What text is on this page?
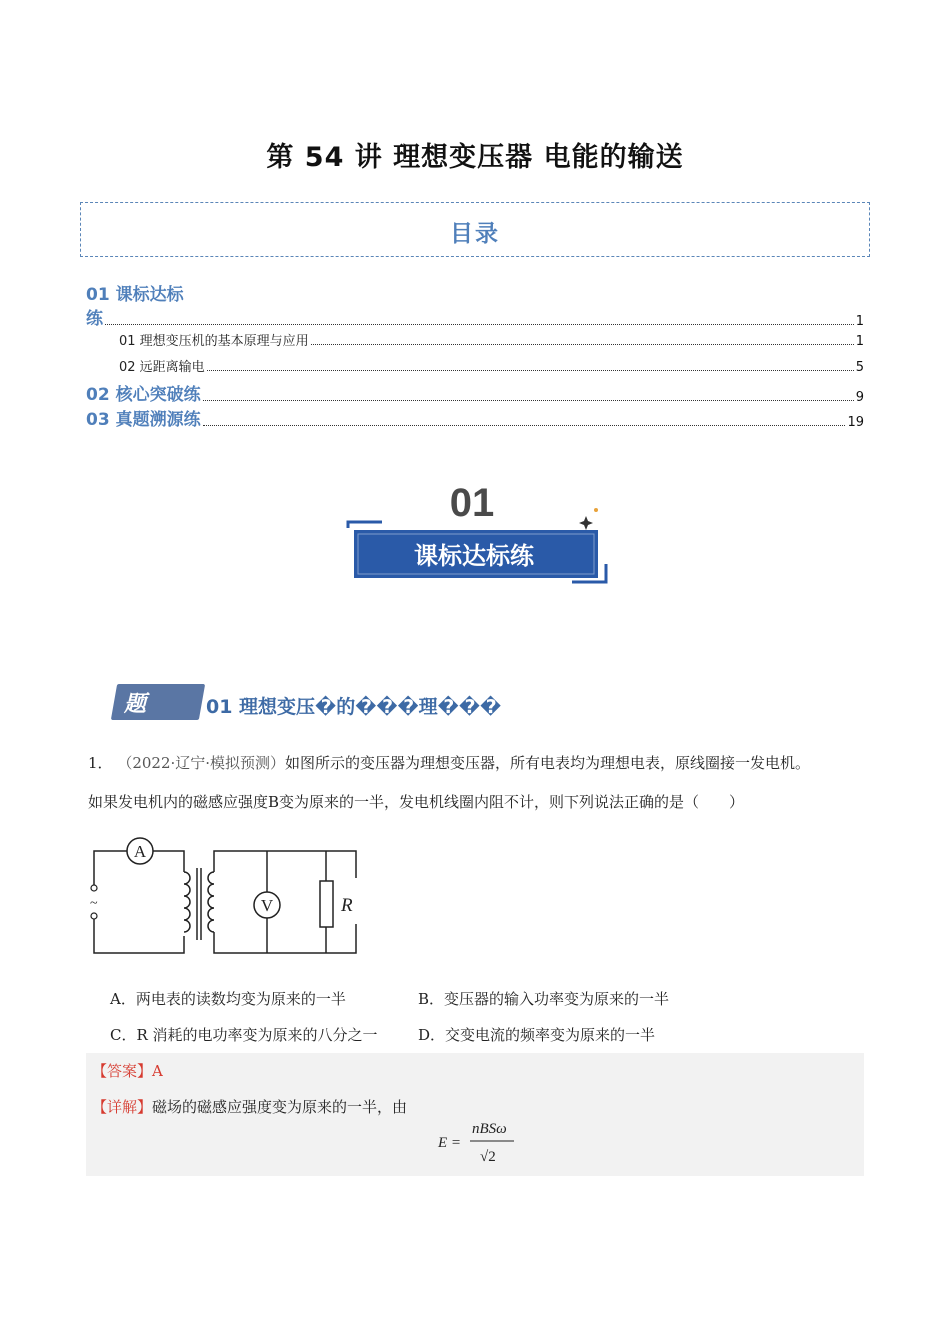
第 54 讲 理想变压器 电能的输送
目录
01 课标达标
练	1
01 理想变压机的基本原理与应用	1
02 远距离输电	5
02 核心突破练	9
03 真题溯源练	19
01
课标达标练
题型
01 理想变压�的���理���
1． （2022·辽宁·模拟预测）如图所示的变压器为理想变压器，所有电表均为理想电表，原线圈接一发电机。
如果发电机内的磁感应强度B变为原来的一半，发电机线圈内阻不计，则下列说法正确的是（　　）
~
A
V	R
A．两电表的读数均变为原来的一半	B．变压器的输入功率变为原来的一半
C．R 消耗的电功率变为原来的八分之一	D．交变电流的频率变为原来的一半
【答案】A
【详解】磁场的磁感应强度变为原来的一半，由
E =
nBSω
√2
